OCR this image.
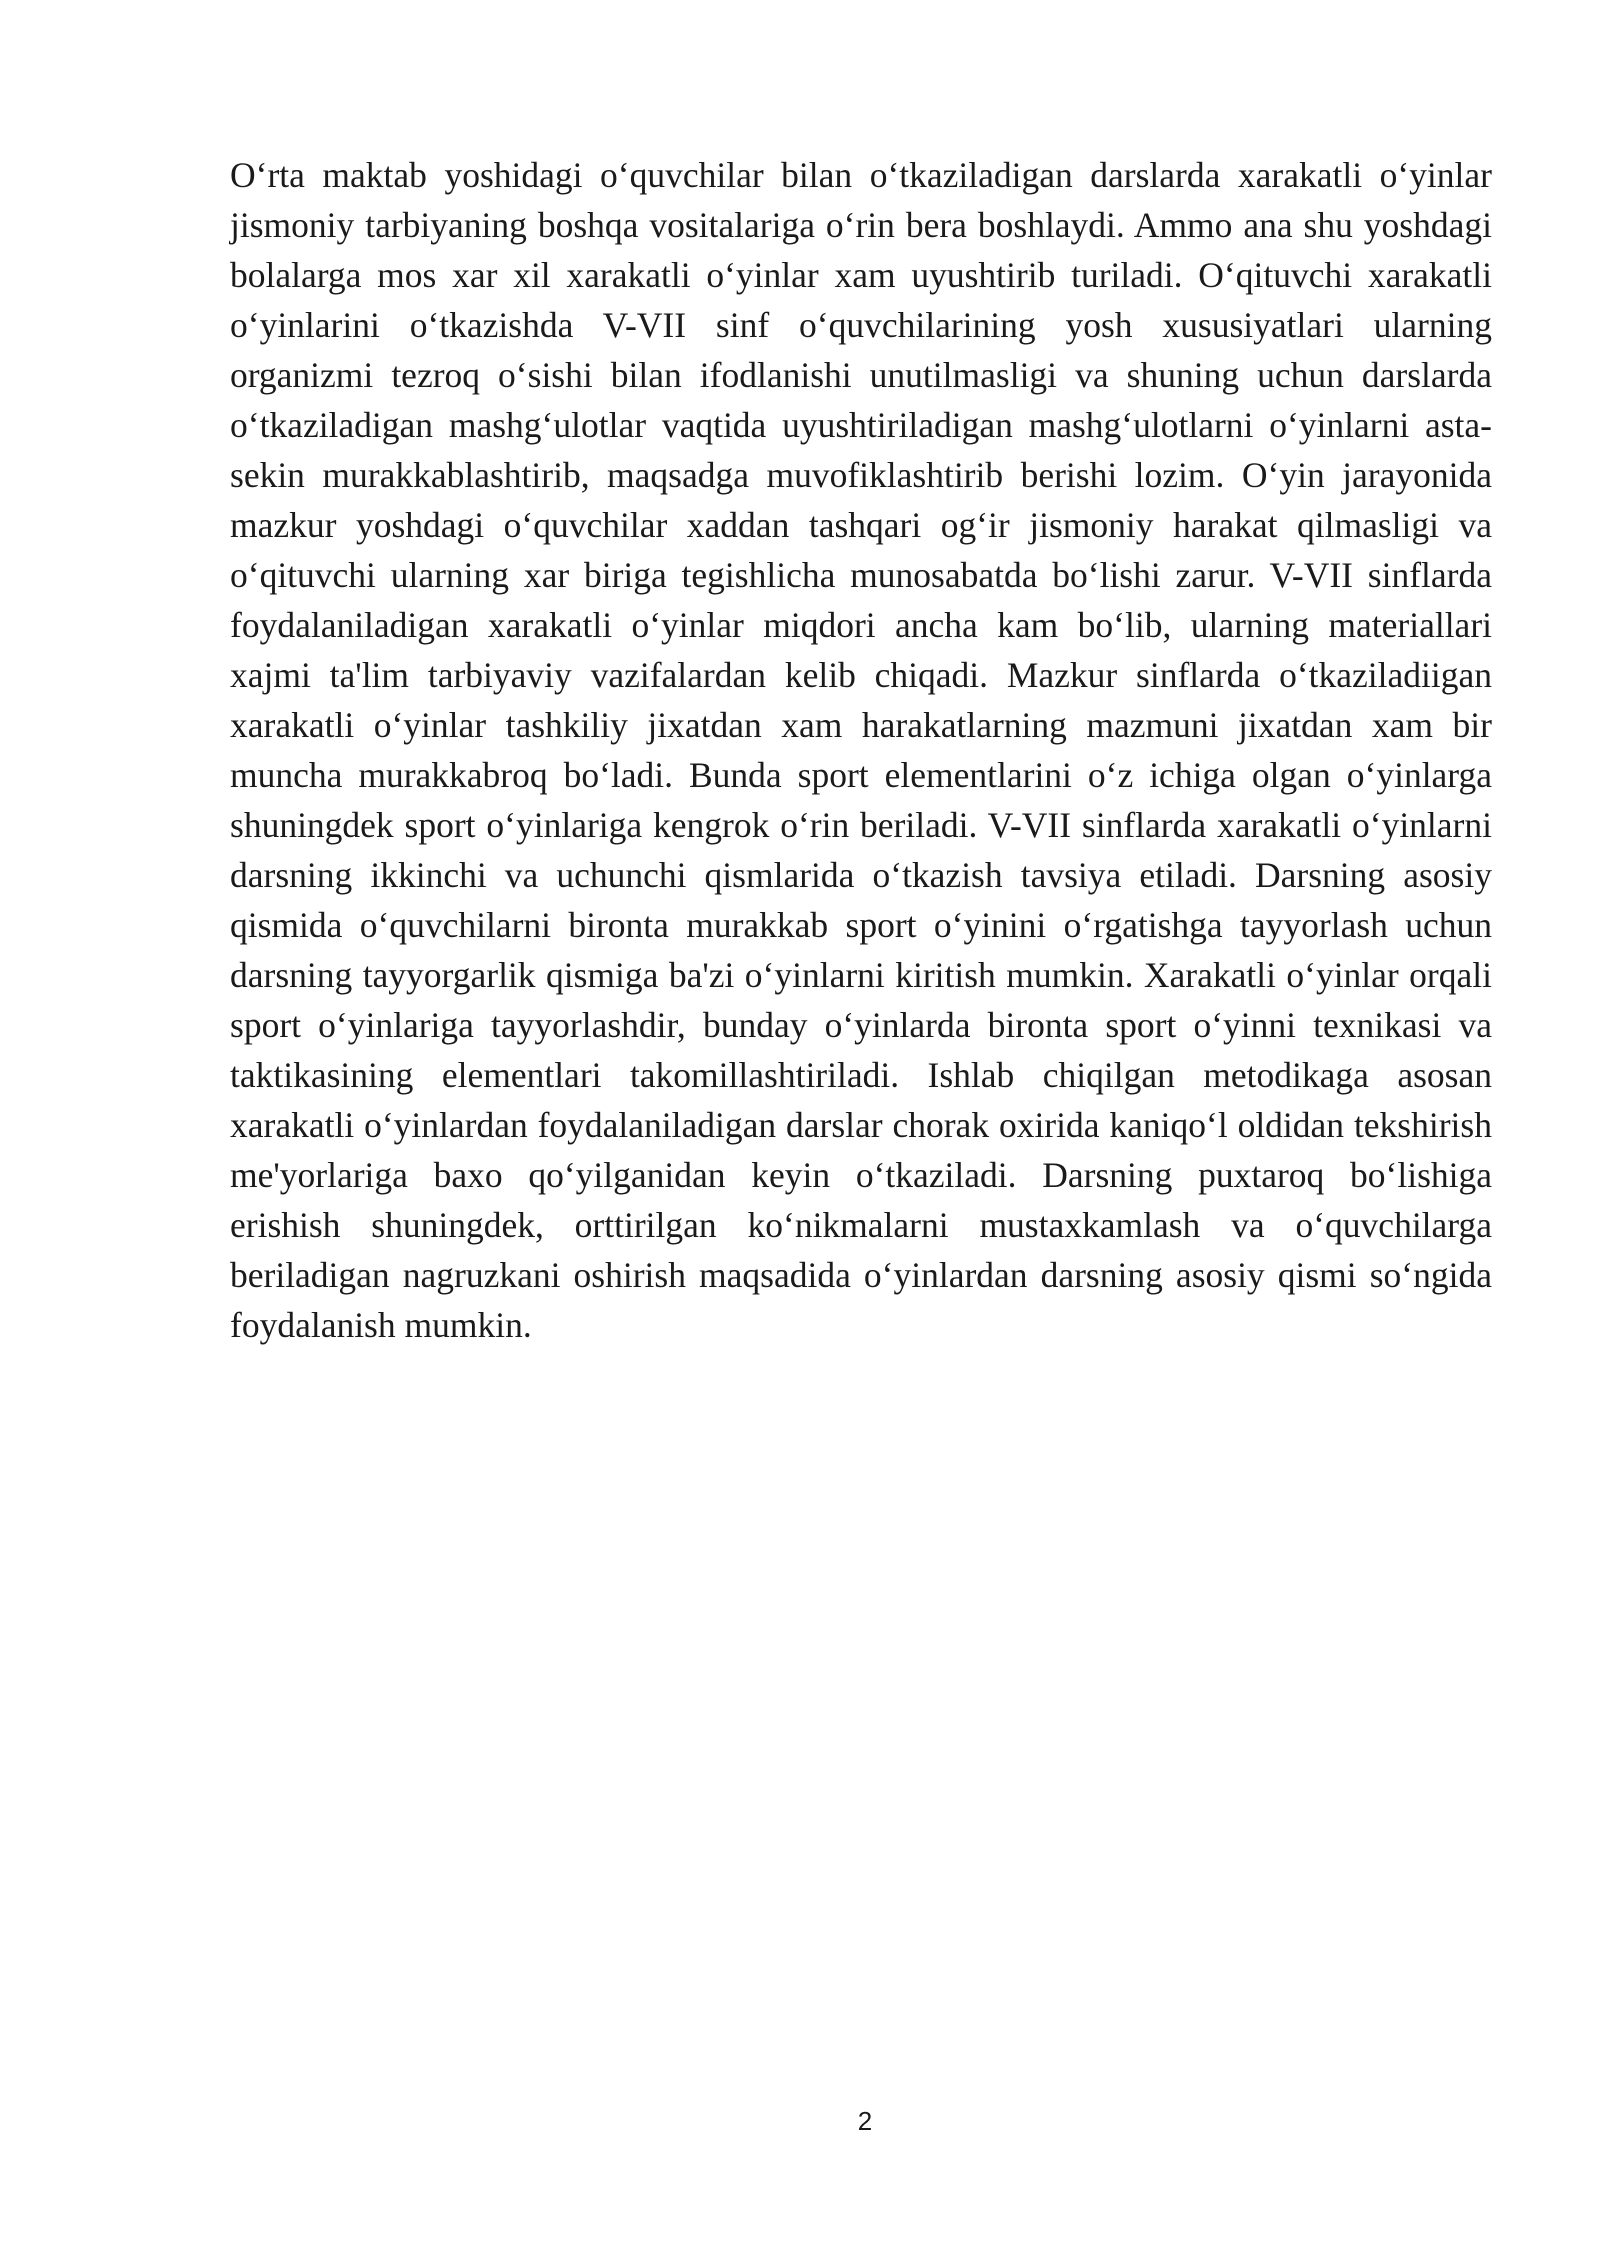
O‘rta maktab yoshidagi o‘quvchilar bilan o‘tkaziladigan darslarda xarakatli o‘yinlar jismoniy tarbiyaning boshqa vositalariga o‘rin bera boshlaydi. Ammo ana shu yoshdagi bolalarga mos xar xil xarakatli o‘yinlar xam uyushtirib turiladi. O‘qituvchi xarakatli o‘yinlarini o‘tkazishda V-VII sinf o‘quvchilarining yosh xususiyatlari ularning organizmi tezroq o‘sishi bilan ifodlanishi unutilmasligi va shuning uchun darslarda o‘tkaziladigan mashg‘ulotlar vaqtida uyushtiriladigan mashg‘ulotlarni o‘yinlarni asta-sekin murakkablashtirib, maqsadga muvofiklashtirib berishi lozim. O‘yin jarayonida mazkur yoshdagi o‘quvchilar xaddan tashqari og‘ir jismoniy harakat qilmasligi va o‘qituvchi ularning xar biriga tegishlicha munosabatda bo‘lishi zarur. V-VII sinflarda foydalaniladigan xarakatli o‘yinlar miqdori ancha kam bo‘lib, ularning materiallari xajmi ta'lim tarbiyaviy vazifalardan kelib chiqadi. Mazkur sinflarda o‘tkaziladiigan xarakatli o‘yinlar tashkiliy jixatdan xam harakatlarning mazmuni jixatdan xam bir muncha murakkabroq bo‘ladi. Bunda sport elementlarini o‘z ichiga olgan o‘yinlarga shuningdek sport o‘yinlariga kengrok o‘rin beriladi. V-VII sinflarda xarakatli o‘yinlarni darsning ikkinchi va uchunchi qismlarida o‘tkazish tavsiya etiladi. Darsning asosiy qismida o‘quvchilarni bironta murakkab sport o‘yinini o‘rgatishga tayyorlash uchun darsning tayyorgarlik qismiga ba'zi o‘yinlarni kiritish mumkin. Xarakatli o‘yinlar orqali sport o‘yinlariga tayyorlashdir, bunday o‘yinlarda bironta sport o‘yinni texnikasi va taktikasining elementlari takomillashtiriladi. Ishlab chiqilgan metodikaga asosan xarakatli o‘yinlardan foydalaniladigan darslar chorak oxirida kaniqo‘l oldidan tekshirish me'yorlariga baxo qo‘yilganidan keyin o‘tkaziladi. Darsning puxtaroq bo‘lishiga erishish shuningdek, orttirilgan ko‘nikmalarni mustaxkamlash va o‘quvchilarga beriladigan nagruzkani oshirish maqsadida o‘yinlardan darsning asosiy qismi so‘ngida foydalanish mumkin.

2
